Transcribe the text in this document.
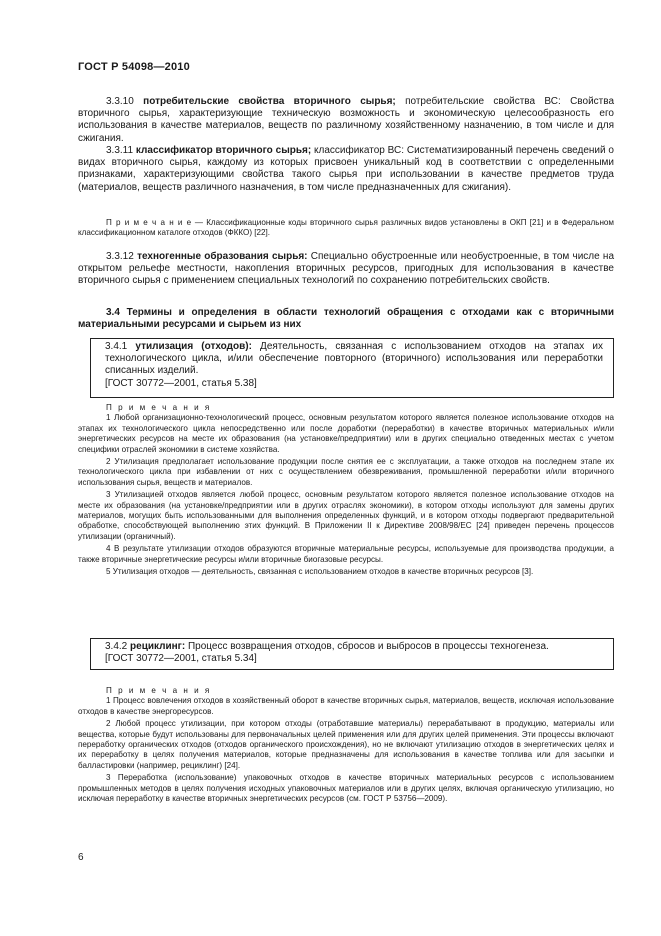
ГОСТ Р 54098—2010

3.3.10 потребительские свойства вторичного сырья; потребительские свойства ВС: Свойства вторичного сырья, характеризующие техническую возможность и экономическую целесообразность его использования в качестве материалов, веществ по различному хозяйственному назначению, в том числе и для сжигания.

3.3.11 классификатор вторичного сырья; классификатор ВС: Систематизированный перечень сведений о видах вторичного сырья, каждому из которых присвоен уникальный код в соответствии с определенными признаками, характеризующими свойства такого сырья при использовании в качестве предметов труда (материалов, веществ различного назначения, в том числе предназначенных для сжигания).

П р и м е ч а н и е — Классификационные коды вторичного сырья различных видов установлены в ОКП [21] и в Федеральном классификационном каталоге отходов (ФККО) [22].

3.3.12 техногенные образования сырья: Специально обустроенные или необустроенные, в том числе на открытом рельефе местности, накопления вторичных ресурсов, пригодных для использования в качестве вторичного сырья с применением специальных технологий по сохранению потребительских свойств.

3.4 Термины и определения в области технологий обращения с отходами как с вторичными материальными ресурсами и сырьем из них

3.4.1 утилизация (отходов): Деятельность, связанная с использованием отходов на этапах их технологического цикла, и/или обеспечение повторного (вторичного) использования или переработки списанных изделий.

[ГОСТ 30772—2001, статья 5.38]

П р и м е ч а н и я

1 Любой организационно-технологический процесс, основным результатом которого является полезное использование отходов на этапах их технологического цикла непосредственно или после доработки (переработки) в качестве вторичных материальных и/или энергетических ресурсов на месте их образования (на установке/предприятии) или в других специально отведенных местах с учетом специфики отраслей экономики в системе хозяйства.

2 Утилизация предполагает использование продукции после снятия ее с эксплуатации, а также отходов на последнем этапе их технологического цикла при избавлении от них с осуществлением обезвреживания, промышленной переработки и/или вторичного использования сырья, веществ и материалов.

3 Утилизацией отходов является любой процесс, основным результатом которого является полезное использование отходов на месте их образования (на установке/предприятии или в других отраслях экономики), в котором отходы используют для замены других материалов, могущих быть использованными для выполнения определенных функций, и в котором отходы подвергают предварительной обработке, способствующей выполнению этих функций. В Приложении II к Директиве 2008/98/ЕС [24] приведен перечень процессов утилизации (органичный).

4 В результате утилизации отходов образуются вторичные материальные ресурсы, используемые для производства продукции, а также вторичные энергетические ресурсы и/или вторичные биогазовые ресурсы.

5 Утилизация отходов — деятельность, связанная с использованием отходов в качестве вторичных ресурсов [3].

3.4.2 рециклинг: Процесс возвращения отходов, сбросов и выбросов в процессы техногенеза.

[ГОСТ 30772—2001, статья 5.34]

П р и м е ч а н и я

1 Процесс вовлечения отходов в хозяйственный оборот в качестве вторичных сырья, материалов, веществ, исключая использование отходов в качестве энергоресурсов.

2 Любой процесс утилизации, при котором отходы (отработавшие материалы) перерабатывают в продукцию, материалы или вещества, которые будут использованы для первоначальных целей применения или для других целей применения. Эти процессы включают переработку органических отходов (отходов органического происхождения), но не включают утилизацию отходов в энергетических целях и их переработку в целях получения материалов, которые предназначены для использования в качестве топлива или для засыпки и балластировки (например, рециклинг) [24].

3 Переработка (использование) упаковочных отходов в качестве вторичных материальных ресурсов с использованием промышленных методов в целях получения исходных упаковочных материалов или в других целях, включая органическую утилизацию, но исключая переработку в качестве вторичных энергетических ресурсов (см. ГОСТ Р 53756—2009).

6
